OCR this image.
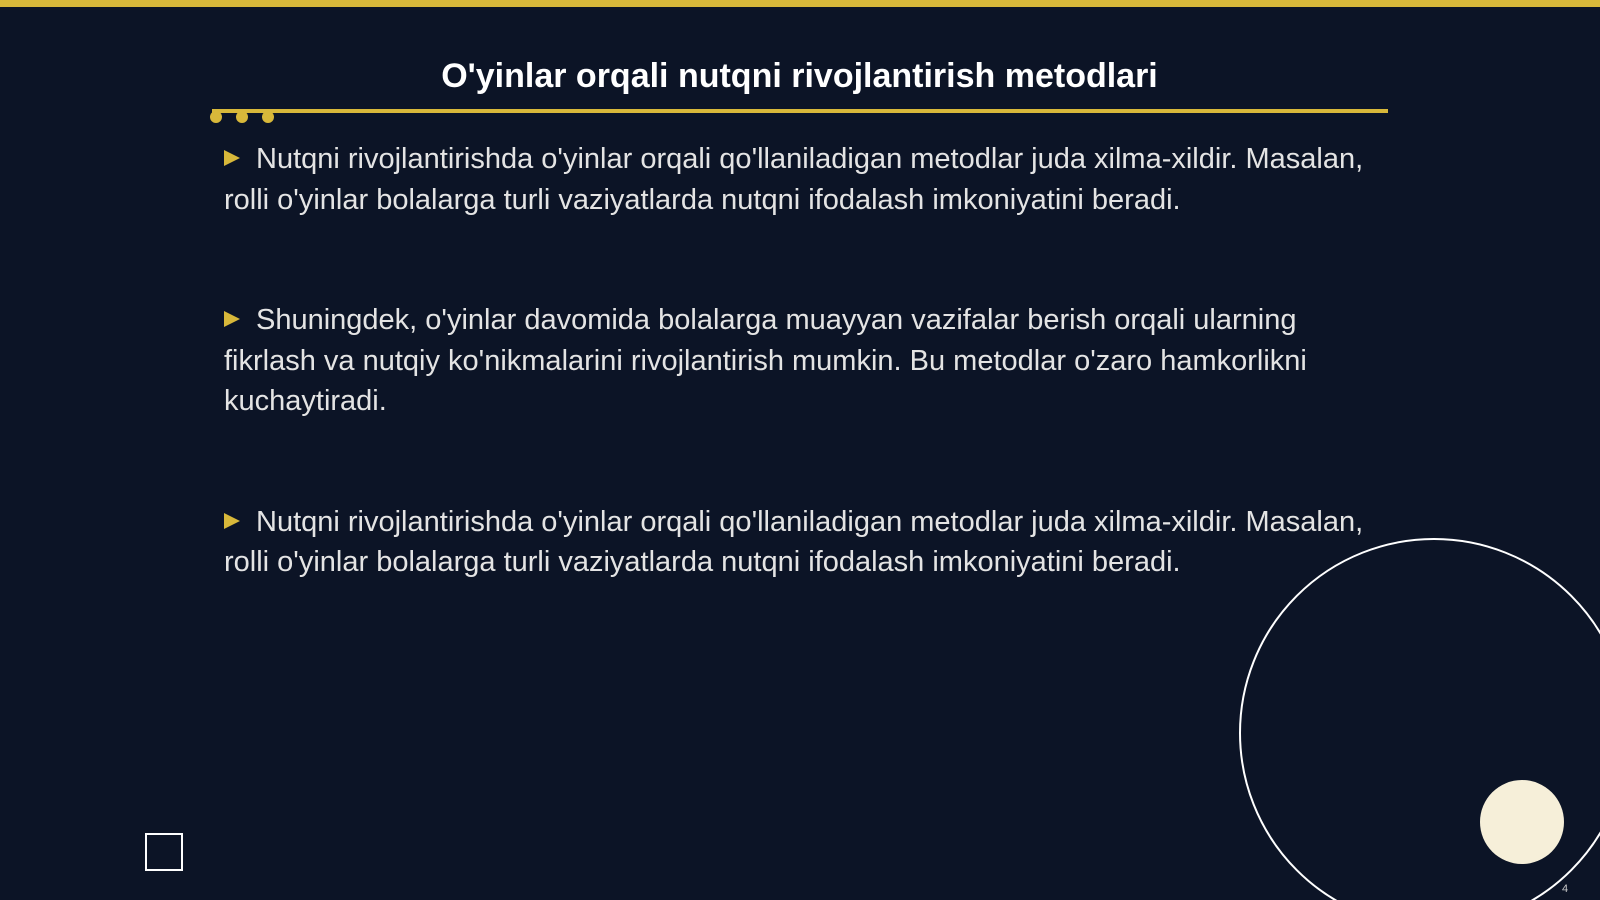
O'yinlar orqali nutqni rivojlantirish metodlari

Nutqni rivojlantirishda o'yinlar orqali qo'llaniladigan metodlar juda xilma-xildir. Masalan, rolli o'yinlar bolalarga turli vaziyatlarda nutqni ifodalash imkoniyatini beradi.

Shuningdek, o'yinlar davomida bolalarga muayyan vazifalar berish orqali ularning fikrlash va nutqiy ko'nikmalarini rivojlantirish mumkin. Bu metodlar o'zaro hamkorlikni kuchaytiradi.

Nutqni rivojlantirishda o'yinlar orqali qo'llaniladigan metodlar juda xilma-xildir. Masalan, rolli o'yinlar bolalarga turli vaziyatlarda nutqni ifodalash imkoniyatini beradi.

4
